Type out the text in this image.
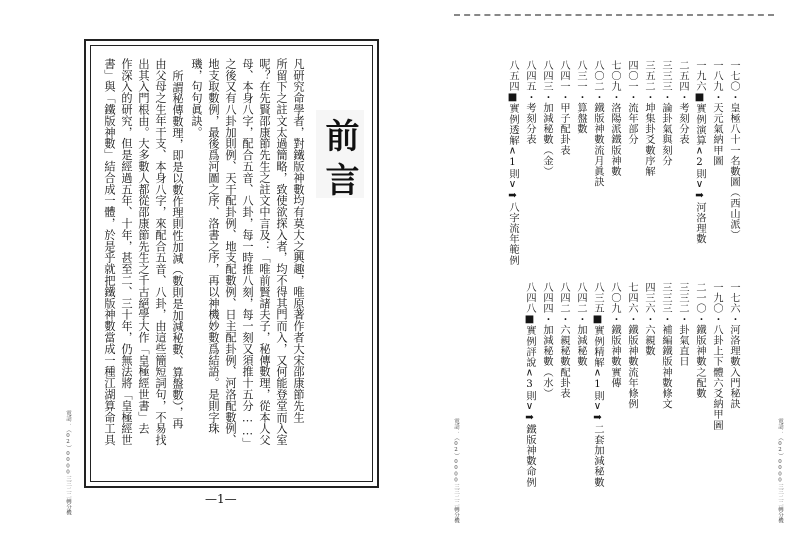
前言
凡研究命學者，對鐵版神數均有莫大之興趣，唯原著作者大宋邵康節先生
所留下之註文太過簡略，致使欲探入者，均不得其門而入，又何能登堂而入室
呢？在先賢邵康節先生之註文中言及：「唯前賢諸夫子，秘傳數理，從本人父
母、本身八字，配合五音、八卦，每一時推八刻，每一刻又須推十五分……」
之後又有八卦加則例、天干配卦例、地支配數例、日主配卦例、河洛配數例、
地支取數例，最後爲河圖之序、洛書之序，再以神機妙數爲結語。是則字珠
璣，句句眞訣。
所謂秘傳數理，即是以數作理則性加減（數則是加減秘數、算盤數），再
由父母之生年干支、本身八字，來配合五音、八卦，由這些簡短詞句，不易找
出其入門根由。大多數人都從邵康節先生之千古絕學大作「皇極經世書」去
作深入的研究，但是經過五年、十年，甚至二、三十年，仍無法將「皇極經世
書」與「鐵版神數」結合成一體，於是乎就把鐵版神數當成一種江湖算命工具
電話：（02）0000三三二二轉分機	—1—
一七〇・皇極八十一名數圖（西山派）
一八九・天元氣納甲圖
一九六■實例演算∧2則∨➡河洛理數
二五四・考刻分表
三三三・論卦氣與刻分
三五二・坤集卦爻數序解
四〇一・流年部分
七〇九・洛陽派鐵版神數
八〇二・鐵版神數流月眞訣
八三一・算盤數
八四一・甲子配卦表
八四三・加減秘數（金）
八四五・考刻分表
八五四■實例透解∧1則∨➡八字流年範例
一七六・河洛理數入門秘訣
一九〇・八卦上下體六爻納甲圖
二一〇・鐵版神數之配數
三三二・卦氣直日
三三三・補編鐵版神數條文
四三六・六親數
七四六・鐵版神數流年條例
八〇九・鐵版神數實傳
八三五■實例精解∧1則∨➡二套加減秘數
八四二・加減秘數
八四二・六親秘數配卦表
八四四・加減秘數（水）
八四八■實例評說∧3則∨➡鐵版神數命例
電話：（02）0000三三二二轉分機	電話：（02）0000三三二二轉分機
